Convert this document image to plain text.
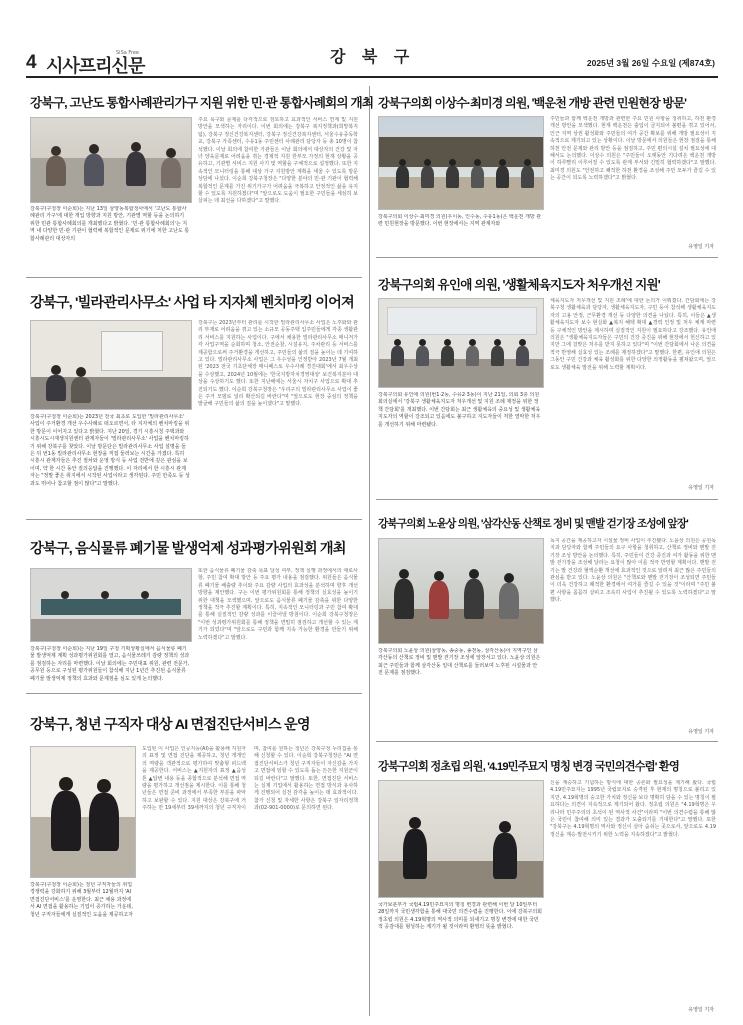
4 시사프리신문
SiSa Free	강 북 구	2025년 3월 26일 수요일 (제874호)
강북구, 고난도 통합사례관리가구 지원 위한 민·관 통합사례회의 개최
강북구(구청장 이순희)는 지난 13일 삼양동복합청사에서 '고난도 통합사례관리 가구'에 대한 개입 방향과 지원 방안, 기관별 역할 등을 논의하기 위한 민관 통합사례회의를 개최했다고 밝혔다. '민·관 통합사례회의'는 지역 내 다양한 민·관 기관이 협력해 복합적인 문제로 위기에 처한 고난도 통합사례관리 대상자의
주요 욕구와 문제를 다각적으로 검토하고 효과적인 서비스 연계 및 지원 방안을 모색하는 자리이다. 이번 회의에는 강북구 복지정책과(희망복지팀), 강북구 정신건강복지센터, 강북구 정신건강복지센터, 서울수유중독학교, 강북구 가족센터, 수유1동 주민센터 사례관리 담당자 등 총 10명이 참석했다. 이날 회의에 참여한 기관들은 이날 회의에서 대상자의 건강 및 자녀 양육문제로 어려움을 겪는 경제적 지원 한부모 가정의 현재 상황을 공유하고, 기관별 서비스 지원 사기 및 역할을 구체적으로 설정했다. 또한 지속적인 모니터링을 통해 대상 가구 지원방안 계획을 세울 수 있도록 방문상담에 나섰다. 이순희 강북구청장은 "다양한 분야의 민·관 기관이 협력해 복합적인 문제를 가진 위기가구가 어려움을 극복하고 안정적인 삶을 유지할 수 있도록 지원하겠다"며 "앞으로도 도움이 필요한 구민들을 세심히 보살피는 데 최선을 다하겠다"고 말했다.
강북구, '빌라관리사무소' 사업 타 지자체 벤치마킹 이어져
강북구(구청장 이순희)는 2023년 전국 최초로 도입한 '빌라관리사무소' 사업이 주거환경 개선 우수사례로 떠오르면서, 타 지자체의 벤치마킹을 위한 방문이 이어지고 있다고 밝혔다. 지난 20일, 경기 시흥시청 주택과와 시흥시도시재생지원센터 관계자들이 '빌라관리사무소' 사업을 벤치마킹하기 위해 강북구를 찾았다. 이날 방문단은 빌라관리사무소 사업 설명을 들은 뒤 번1동 빌라관리사무소 현장을 직접 둘러보는 시간을 가졌다. 특히 시흥시 관계자들은 추진 절차와 운영 방식 등 사업 전반에 깊은 관심을 보이며, 약 한 시간 동안 질의응답을 진행했다. 이 자리에서 한 시흥시 관계자는 "정말 좋은 취지에서 시작된 사업이라고 생각된다. 주민 만족도 등 성과도 뛰어나 참고할 점이 많다"고 말했다.
강북구는 2023년부터 관리를 시작한 빌라관리사무소 사업은 노후화와 관리 부재로 어려움을 겪고 있는 소규모 공동주택 입주민들에게 각종 생활관리 서비스를 지원하는 사업이다. 구에서 채용한 빌라관리사무소 매니저가 각 사업구역을 순회하며 청소, 안전순찰, 시설유지, 주차관리 등 서비스를 제공함으로써 주거환경을 개선하고, 주민들의 삶의 질을 높이는 데 기여하고 있다. 빌라관리사무소 사업은 그 우수성을 인정받아 2023년 7월 개최된 '2023 전국 기초단체장 매니페스토 우수사례 경진대회'에서 최우수상을 수상했고, 2024년 10월에는 '한국지방자치경영대상' 보건복지분야 대상을 수상하기도 했다. 또한 지난해에는 서울시 자치구 사업으로 확대 추진되기도 했다. 이순희 강북구청장은 "우리구의 빌라관리사무소 사업이 좋은 주거 모델로 널리 확산되길 바란다"며 "앞으로도 현장 중심의 정책을 발굴해 구민들의 삶의 질을 높이겠다"고 말했다.
강북구, 음식물류 폐기물 발생억제 성과평가위원회 개최
강북구(구청장 이순희)는 지난 19일 구청 기획상황실에서 음식물류 폐기물 발생억제 계획 성과평가위원회를 열고, 음식물쓰레기 감량 정책의 성과를 점검하는 자리를 마련했다. 이날 회의에는 주민대표 위원, 관련 전문가, 공무원 등으로 구성된 평가위원들이 참석해 지난 1년간 추진된 음식물류 폐기물 발생억제 정책의 효과와 문제점을 심도 있게 논의했다.
또한 음식물류 폐기물 감축 목표 달성 여부, 정책 실행 과정에서의 애로사항, 주민 참여 확대 방안 등 주요 평가 내용을 점검했다. 위원들은 음식물류 폐기물 배출량 추이와 주요 감량 사업의 효과성을 분석하며 향후 개선 방향을 제안했다. 구는 이번 평가위원회를 통해 정책의 실효성을 높이기 위한 대책을 모색했으며, 앞으로도 음식물류 폐기물 감축을 위한 다양한 정책을 적극 추진할 계획이다. 특히, 지속적인 모니터링과 구민 참여 확대를 통해 실질적인 감량 성과를 이끌어낼 방침이다. 이순희 강북구청장은 "이번 성과평가위원회를 통해 정책을 면밀히 점검하고 개선할 수 있는 계기가 되었다"며 "앞으로도 구민과 함께 지속 가능한 환경을 만들기 위해 노력하겠다"고 말했다.
강북구, 청년 구직자 대상 AI 면접진단서비스 운영
강북구(구청장 이순희)는 청년 구직자들의 취업 경쟁력을 강화하기 위해 3월부터 12월까지 'AI 면접진단서비스'를 운영한다. 최근 채용 과정에서 AI 면접을 활용하는 기업이 증가하는 가운데, 청년 구직자들에게 실질적인 도움을 제공하고자
도입된 이 사업은 인공지능(AI)을 활용해 지원자의 표정 및 면접 진단을 제공하고, 청년 개개인의 역량을 객관적으로 평가하여 맞춤형 피드백을 제공한다. 서비스는 ▲지원자의 표정 ▲음성 톤 ▲답변 내용 등을 종합적으로 분석해 면접 역량을 평가하고 개선점을 제시한다. 이를 통해 청년들은 면접 준비 과정에서 부족한 부분을 파악하고 보완할 수 있다. 지원 대상은 강북구에 거주하는 만 19세부터 39세까지의 청년 구직자이며, 참여를 원하는 청년은 강북구청 누리집을 통해 신청할 수 있다. 이순희 강북구청장은 "AI 면접진단서비스가 청년 구직자들이 자신감을 가지고 면접에 임할 수 있도록 돕는 든든한 지원군이 되길 바란다"고 말했다. 또한, 면접진단 서비스는 실제 기업에서 활용하는 면접 방식과 유사하게 진행되어 실전 감각을 높이는 데 효과적이다. 참가 신청 및 자세한 사항은 강북구 일자리정책과(02-901-0000)로 문의하면 된다.
강북구의회 이상수·최미경 의원, '백운천 개방 관련 민원현장 방문'
강북구의회 이상수·최미경 의원(우이동, 인수동, 수유1동)은 백운천 개방 관련 민원현장을 방문했다. 이번 현장에서는 지역 관계자와
주민들과 함께 백운천 개방과 관련한 주요 민원 사항을 청취하고, 하천 환경 개선 방안을 모색했다. 현재 백운천은 출입이 금지되어 불편을 겪고 있어서, 인근 지역 상권 활성화와 주민들의 여가 공간 확보를 위해 개방 필요성이 지속적으로 제기되고 있는 상황이다. 이날 방문에서 의원들은 현장 점검을 통해 하천 안전 문제와 관리 방안 등을 점검하고, 주민 편의시설 설치 필요성에 대해서도 논의했다. 이상수 의원은 "주민들이 오랫동안 기다려온 백운천 개방이 하루빨리 이루어질 수 있도록 관계 부서와 긴밀히 협력하겠다"고 말했다. 최미경 의원도 "안전하고 쾌적한 하천 환경을 조성해 주민 모두가 즐길 수 있는 공간이 되도록 노력하겠다"고 밝혔다.
유영일 기자
강북구의회 유인애 의원, '생활체육지도자 처우개선 지원'
강북구의회 유인애 의원(번1·2동, 수유2·3동)이 지난 21일, 의회 3층 의원회의실에서 '강북구 생활체육지도자 처우개선 및 지원 조례 제정을 위한 정책 간담회'를 개최했다. 이번 간담회는 최근 생활체육의 중요성 및 생활체육지도자의 역할이 강조되고 있음에도 불구하고 지도자들이 처한 열악한 처우를 개선하기 위해 마련됐다.
체육지도자 처우개선 및 지원 조례'에 대한 논의가 이뤄졌다. 간담회에는 강북구청 생활체육과 담당자, 생활체육지도자, 구민 등이 참석해 생활체육지도자의 고용 안정, 근무환경 개선 등 다양한 의견을 나눴다. 특히, 이들은 ▲생활체육지도자 보수 현실화 ▲복지 혜택 확대 ▲경력 인정 및 처우 체계 마련 등 구체적인 방안을 제시하며 실질적인 지원이 필요하다고 강조했다. 유인애 의원은 "생활체육지도자들은 구민의 건강 증진을 위해 현장에서 헌신하고 있지만 그에 걸맞은 처우를 받지 못하고 있다"며 "이번 간담회에서 나온 의견을 적극 반영해 실효성 있는 조례를 제정하겠다"고 말했다. 한편, 유인애 의원은 그동안 구민 건강과 체육 활성화를 위한 다양한 의정활동을 펼쳐왔으며, 앞으로도 생활체육 발전을 위해 노력할 계획이다.
유영일 기자
강북구의회 노윤상 의원, '삼각산동 산책로 정비 및 맨발 걷기장 조성에 앞장'
강북구의회 노윤상 의원(삼양동, 송중동, 송천동, 삼각산동)이 지역구인 삼각산동의 산책로 정비 및 맨발 걷기장 조성에 앞장서고 있다. 노윤상 의원은 최근 주민들과 함께 삼각산동 일대 산책로를 둘러보며 노후된 시설물과 안전 문제를 점검했다.
녹지 공간을 제공하고자 시설물 정비 사업이 추진됐다. 노윤상 의원은 공원녹지과 담당자와 함께 주민들의 요구 사항을 청취하고, 산책로 정비와 맨발 걷기장 조성 방안을 논의했다. 특히, 주민들이 건강 증진과 여가 활동을 위한 맨발 걷기장을 조성해 달라는 요청이 많아 이를 적극 반영할 계획이다. 맨발 걷기는 발 건강과 혈액순환 개선에 효과적인 것으로 알려져 최근 많은 주민들의 관심을 받고 있다. 노윤상 의원은 "산책로와 맨발 걷기장이 조성되면 주민들이 더욱 건강하고 쾌적한 환경에서 여가를 즐길 수 있을 것"이라며 "주민 불편 사항을 꼼꼼히 살피고 조속히 사업이 추진될 수 있도록 노력하겠다"고 말했다.
유영일 기자
강북구의회 정초립 의원, '4.19민주묘지 명칭 변경 국민의견수렴' 환영
국가보훈부가 국립4.19민주묘지의 명칭 변경과 관련해 이번 달 10일부터 28일까지 국민생각함을 통해 대국민 의견수렴을 진행한다. 이에 강북구의회 정초립 의원은 4.19혁명의 역사적 의미를 되새기고 명칭 변경에 대한 국민적 공감대를 형성하는 계기가 될 것이라며 환영의 뜻을 밝혔다.
신을 계승하고 기념하는 방식에 대한 공론화 필요성을 제기해 왔다. 국립4.19민주묘지는 1995년 국립묘지로 승격된 후 현재의 명칭으로 불리고 있지만, 4.19혁명의 숭고한 가치와 정신을 보다 명확히 담을 수 있는 명칭이 필요하다는 의견이 지속적으로 제기되어 왔다. 정초립 의원은 "4.19혁명은 우리나라 민주주의의 초석이 된 역사적 사건"이라며 "이번 의견수렴을 통해 많은 국민이 참여해 의미 있는 결과가 도출되기를 기대한다"고 말했다. 또한 "강북구는 4.19혁명의 역사와 정신이 살아 숨쉬는 곳으로서, 앞으로도 4.19 정신을 계승·발전시키기 위한 노력을 지속하겠다"고 밝혔다.
유영일 기자
